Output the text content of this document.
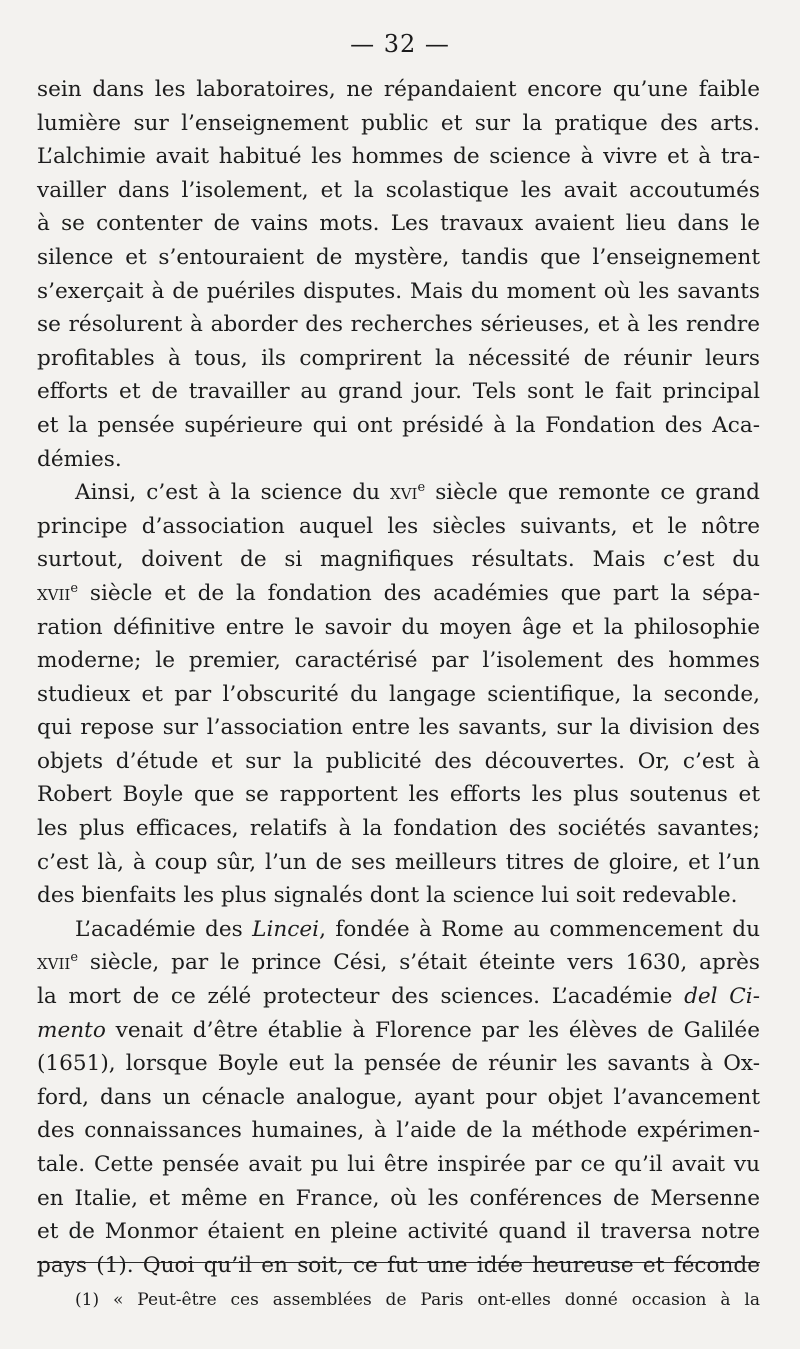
— 32 —
sein dans les laboratoires, ne répandaient encore qu’une faible
lumière sur l’enseignement public et sur la pratique des arts.
L’alchimie avait habitué les hommes de science à vivre et à tra-
vailler dans l’isolement, et la scolastique les avait accoutumés
à se contenter de vains mots. Les travaux avaient lieu dans le
silence et s’entouraient de mystère, tandis que l’enseignement
s’exerçait à de puériles disputes. Mais du moment où les savants
se résolurent à aborder des recherches sérieuses, et à les rendre
profitables à tous, ils comprirent la nécessité de réunir leurs
efforts et de travailler au grand jour. Tels sont le fait principal
et la pensée supérieure qui ont présidé à la Fondation des Aca-
démies.
Ainsi, c’est à la science du xvi$^e$ siècle que remonte ce grand
principe d’association auquel les siècles suivants, et le nôtre
surtout, doivent de si magnifiques résultats. Mais c’est du
xvii$^e$ siècle et de la fondation des académies que part la sépa-
ration définitive entre le savoir du moyen âge et la philosophie
moderne; le premier, caractérisé par l’isolement des hommes
studieux et par l’obscurité du langage scientifique, la seconde,
qui repose sur l’association entre les savants, sur la division des
objets d’étude et sur la publicité des découvertes. Or, c’est à
Robert Boyle que se rapportent les efforts les plus soutenus et
les plus efficaces, relatifs à la fondation des sociétés savantes;
c’est là, à coup sûr, l’un de ses meilleurs titres de gloire, et l’un
des bienfaits les plus signalés dont la science lui soit redevable.
L’académie des Lincei, fondée à Rome au commencement du
xvii$^e$ siècle, par le prince Cési, s’était éteinte vers 1630, après
la mort de ce zélé protecteur des sciences. L’académie del Ci-
mento venait d’être établie à Florence par les élèves de Galilée
(1651), lorsque Boyle eut la pensée de réunir les savants à Ox-
ford, dans un cénacle analogue, ayant pour objet l’avancement
des connaissances humaines, à l’aide de la méthode expérimen-
tale. Cette pensée avait pu lui être inspirée par ce qu’il avait vu
en Italie, et même en France, où les conférences de Mersenne
et de Monmor étaient en pleine activité quand il traversa notre
pays (1). Quoi qu’il en soit, ce fut une idée heureuse et féconde
(1) « Peut-être ces assemblées de Paris ont-elles donné occasion à la
